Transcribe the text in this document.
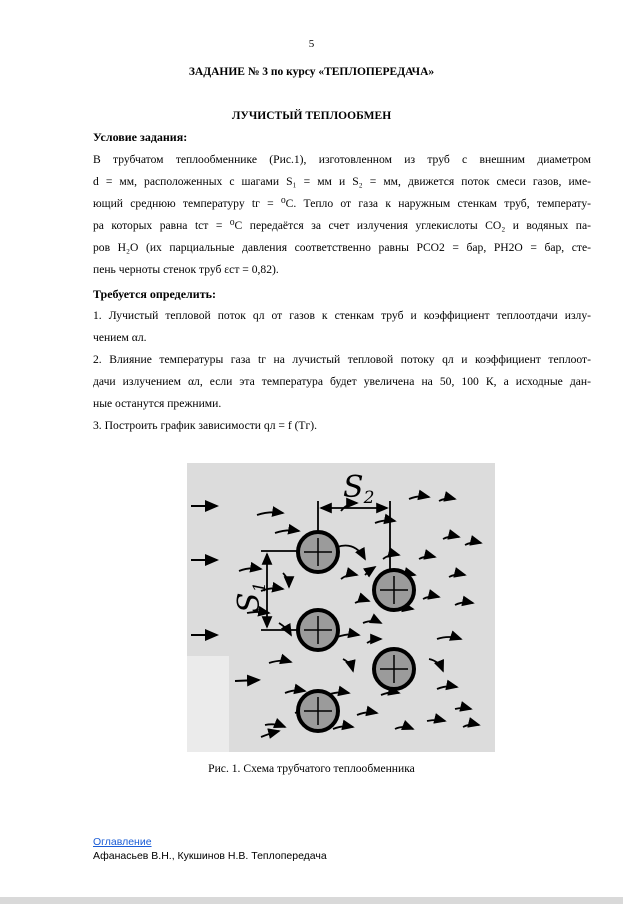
5
ЗАДАНИЕ № 3 по курсу «ТЕПЛОПЕРЕДАЧА»
ЛУЧИСТЫЙ ТЕПЛООБМЕН
Условие задания:
В трубчатом теплообменнике (Рис.1), изготовленном из труб с внешним диаметром
d = мм, расположенных с шагами S₁ = мм и S₂ = мм, движется поток смеси газов, име-
ющий среднюю температуру tг = ⁰С. Тепло от газа к наружным стенкам труб, температу-
ра которых равна tст = ⁰С передаётся за счет излучения углекислоты CO₂ и водяных па-
ров H₂O (их парциальные давления соответственно равны PCO2 = бар, PH2O = бар, сте-
пень черноты стенок труб εст = 0,82).
Требуется определить:
1. Лучистый тепловой поток qл от газов к стенкам труб и коэффициент теплоотдачи излу-
чением αл.
2. Влияние температуры газа tг на лучистый тепловой потоку qл и коэффициент теплоот-
дачи излучением αл, если эта температура будет увеличена на 50, 100 К, а исходные дан-
ные останутся прежними.
3. Построить график зависимости qл = f (Tг).
$S_2$
$S_1$
Рис. 1. Схема трубчатого теплообменника
Оглавление
Афанасьев В.Н., Кукшинов Н.В. Теплопередача
